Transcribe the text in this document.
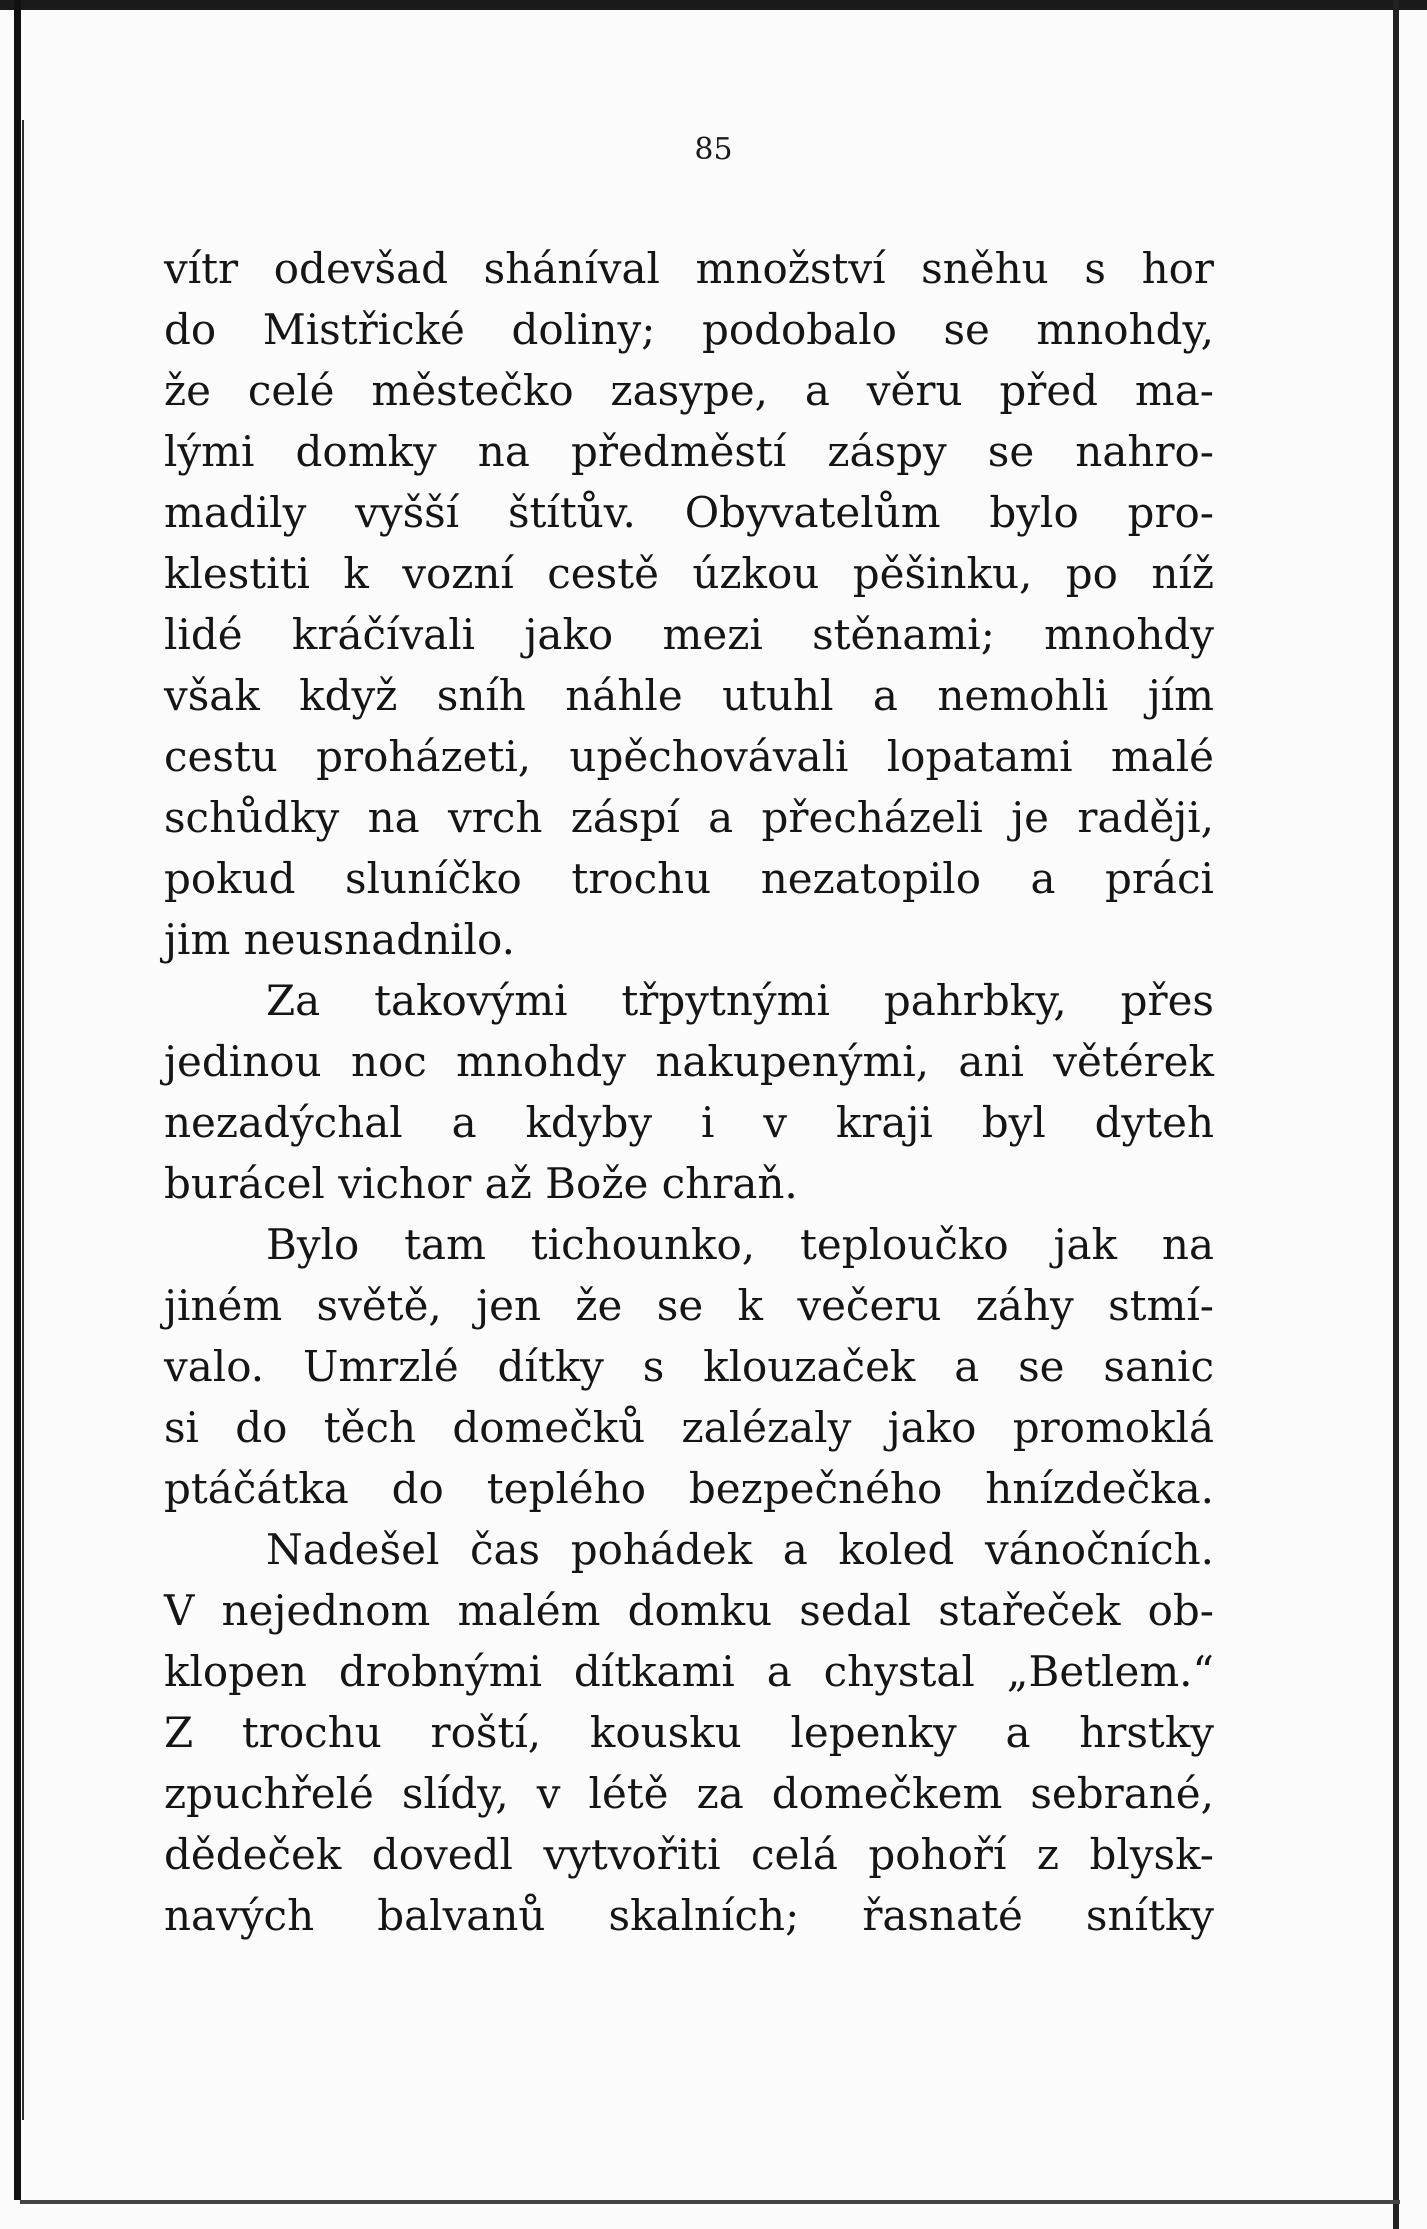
85
vítr odevšad sháníval množství sněhu s hor
do Mistřické doliny; podobalo se mnohdy,
že celé městečko zasype, a věru před ma-
lými domky na předměstí záspy se nahro-
madily vyšší štítův. Obyvatelům bylo pro-
klestiti k vozní cestě úzkou pěšinku, po níž
lidé kráčívali jako mezi stěnami; mnohdy
však když sníh náhle utuhl a nemohli jím
cestu proházeti, upěchovávali lopatami malé
schůdky na vrch záspí a přecházeli je raději,
pokud sluníčko trochu nezatopilo a práci
jim neusnadnilo.
Za takovými třpytnými pahrbky, přes
jedinou noc mnohdy nakupenými, ani větérek
nezadýchal a kdyby i v kraji byl dyteh
burácel vichor až Bože chraň.
Bylo tam tichounko, teploučko jak na
jiném světě, jen že se k večeru záhy stmí-
valo. Umrzlé dítky s klouzaček a se sanic
si do těch domečků zalézaly jako promoklá
ptáčátka do teplého bezpečného hnízdečka.
Nadešel čas pohádek a koled vánočních.
V nejednom malém domku sedal stařeček ob-
klopen drobnými dítkami a chystal „Betlem.“
Z trochu roští, kousku lepenky a hrstky
zpuchřelé slídy, v létě za domečkem sebrané,
dědeček dovedl vytvořiti celá pohoří z blysk-
navých balvanů skalních; řasnaté snítky
